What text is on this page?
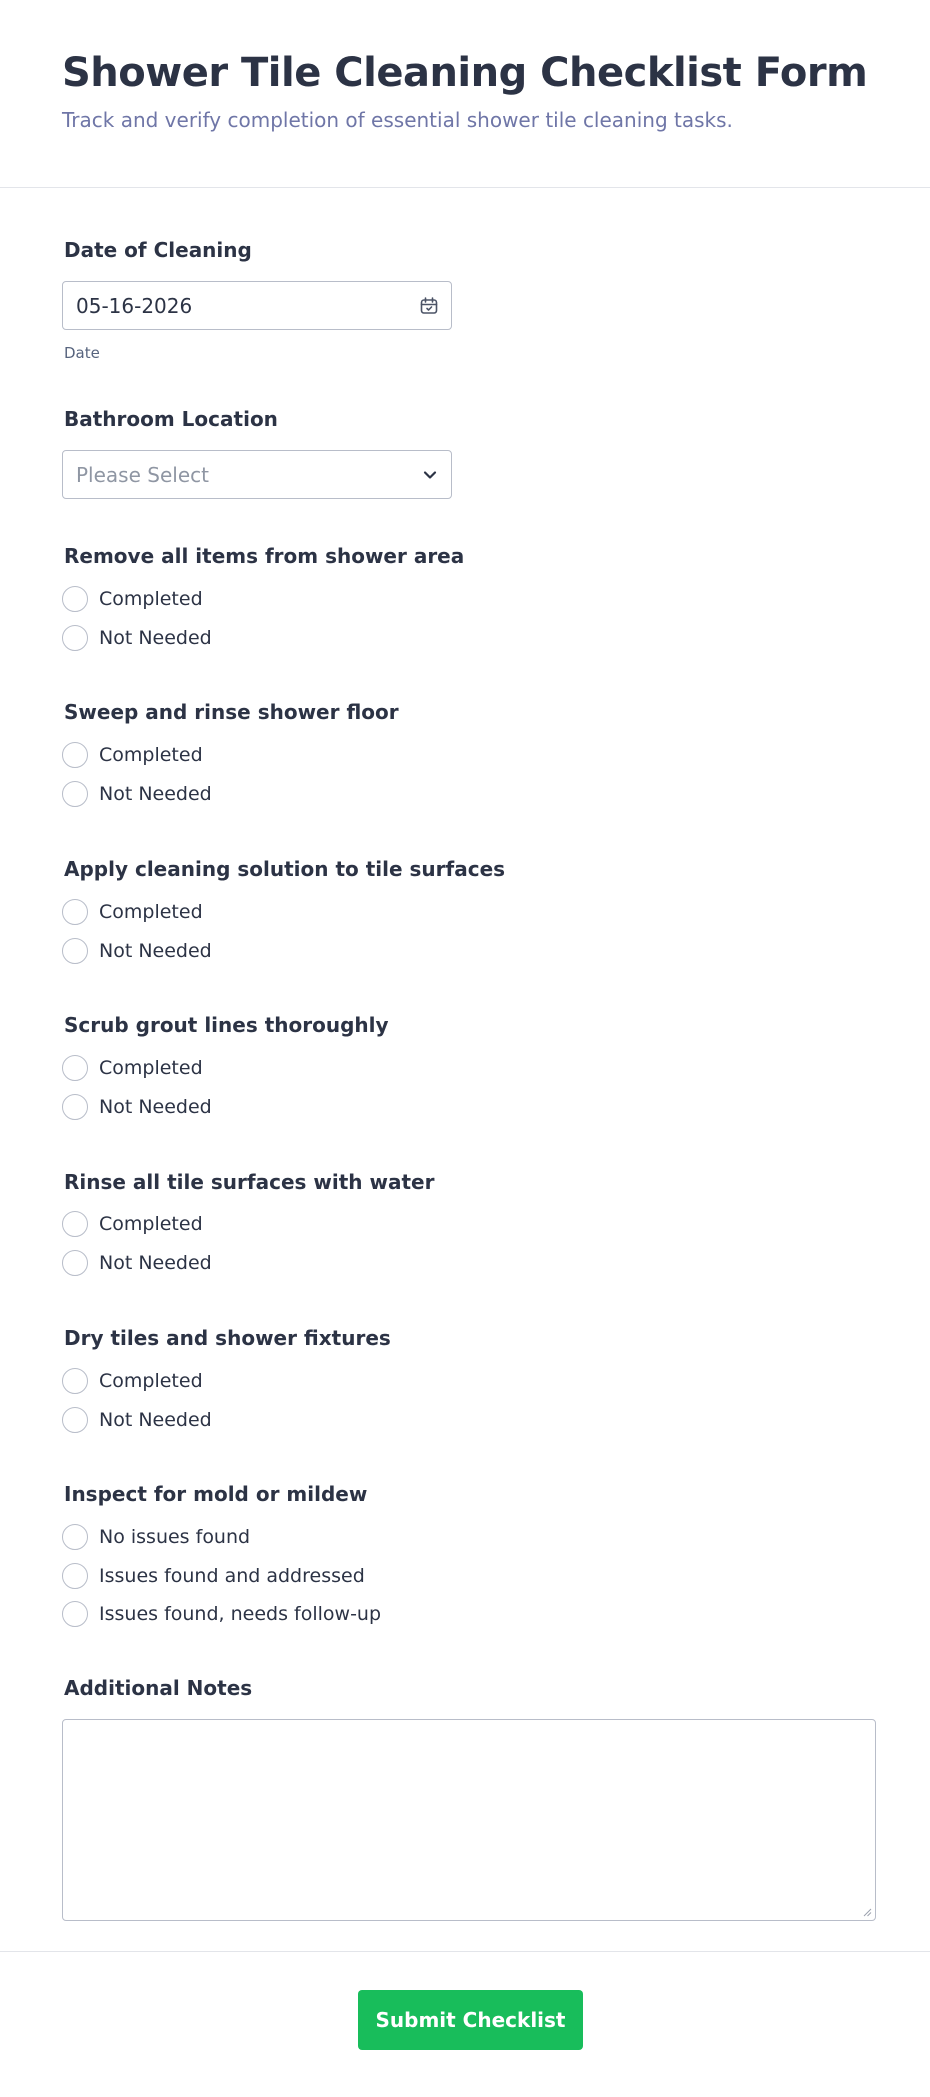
Shower Tile Cleaning Checklist Form

Track and verify completion of essential shower tile cleaning tasks.

Date of Cleaning
05-16-2026
Date
Bathroom Location
Please Select
Remove all items from shower area
Completed
Not Needed
Sweep and rinse shower floor
Completed
Not Needed
Apply cleaning solution to tile surfaces
Completed
Not Needed
Scrub grout lines thoroughly
Completed
Not Needed
Rinse all tile surfaces with water
Completed
Not Needed
Dry tiles and shower fixtures
Completed
Not Needed
Inspect for mold or mildew
No issues found
Issues found and addressed
Issues found, needs follow-up
Additional Notes
Submit Checklist
